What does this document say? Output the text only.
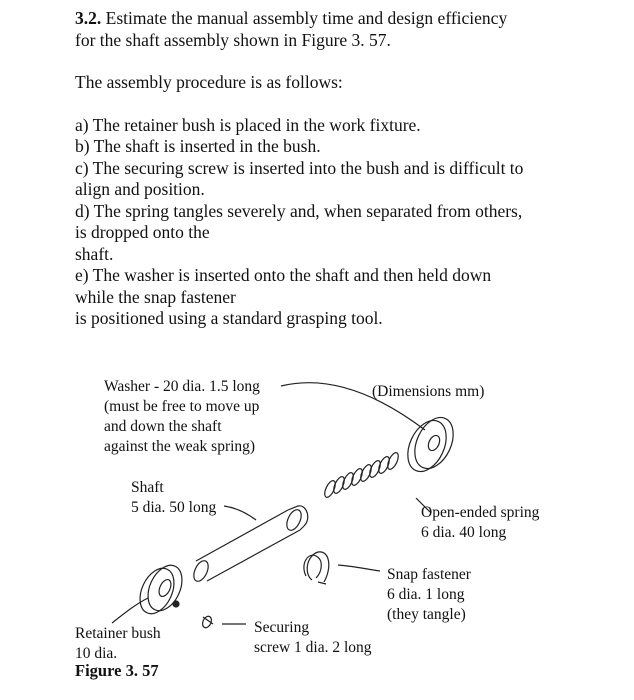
3.2. Estimate the manual assembly time and design efficiency

for the shaft assembly shown in Figure 3. 57.

The assembly procedure is as follows:

a) The retainer bush is placed in the work fixture.

b) The shaft is inserted in the bush.

c) The securing screw is inserted into the bush and is difficult to

align and position.

d) The spring tangles severely and, when separated from others,

is dropped onto the

shaft.

e) The washer is inserted onto the shaft and then held down

while the snap fastener

is positioned using a standard grasping tool.

Washer - 20 dia. 1.5 long
(must be free to move up
and down the shaft
against the weak spring)
(Dimensions mm)
Shaft
5 dia. 50 long	Open-ended spring
6 dia. 40 long
Snap fastener
6 dia. 1 long
(they tangle)
Securing
screw 1 dia. 2 long
Retainer bush
10 dia.
Figure 3. 57
